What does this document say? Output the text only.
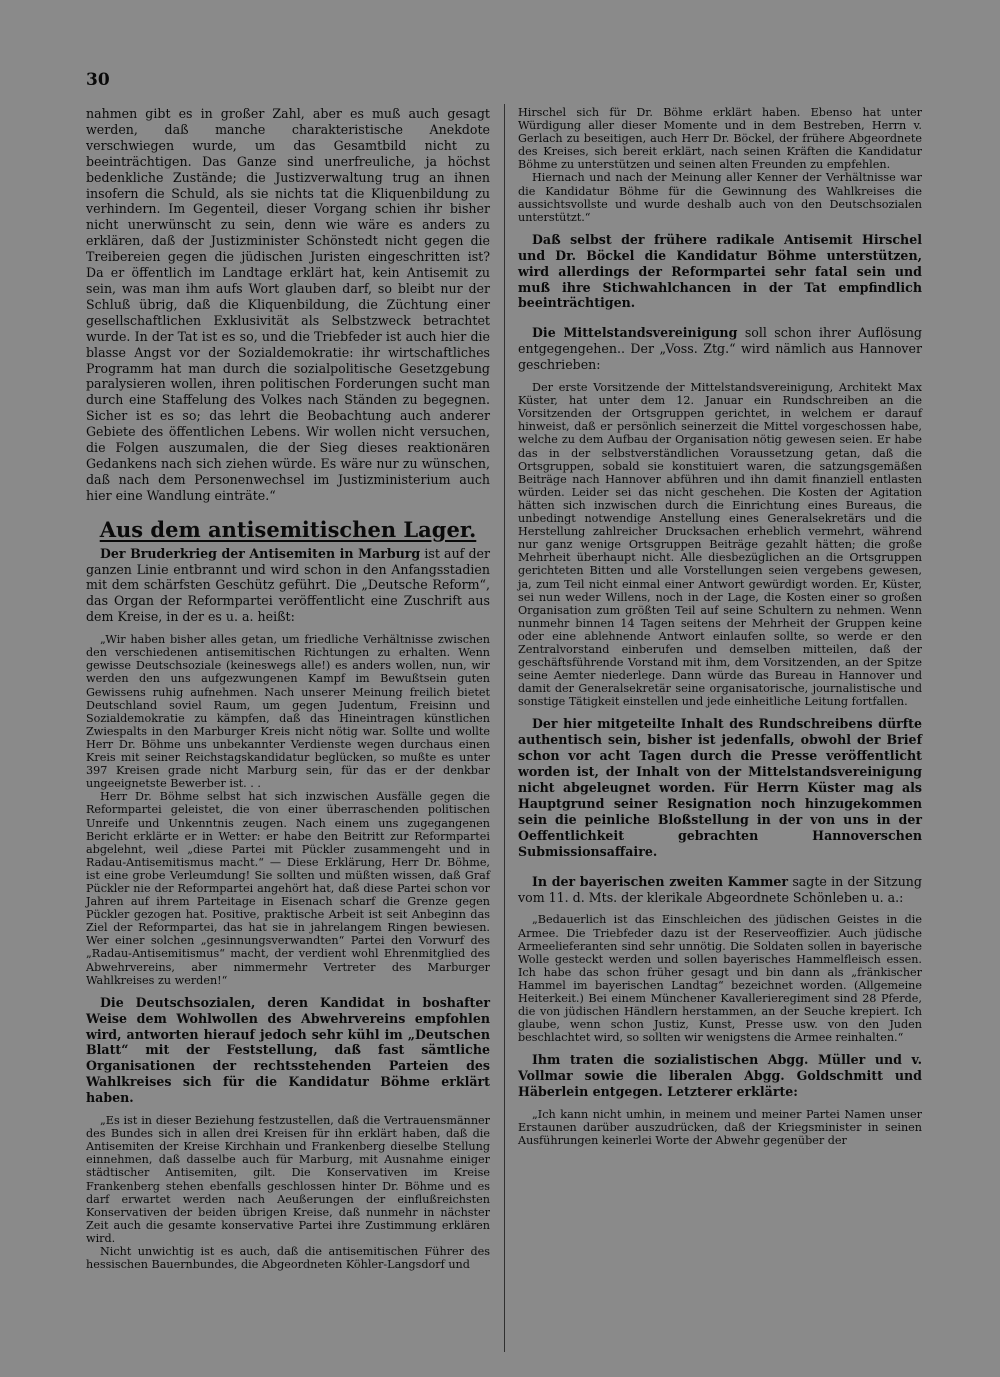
30

nahmen gibt es in großer Zahl, aber es muß auch gesagt werden, daß manche charakteristische Anekdote verschwiegen wurde, um das Gesamtbild nicht zu beeinträchtigen. Das Ganze sind unerfreuliche, ja höchst bedenkliche Zustände; die Justizverwaltung trug an ihnen insofern die Schuld, als sie nichts tat die Kliquenbildung zu verhindern. Im Gegenteil, dieser Vorgang schien ihr bisher nicht unerwünscht zu sein, denn wie wäre es anders zu erklären, daß der Justizminister Schönstedt nicht gegen die Treibereien gegen die jüdischen Juristen eingeschritten ist? Da er öffentlich im Landtage erklärt hat, kein Antisemit zu sein, was man ihm aufs Wort glauben darf, so bleibt nur der Schluß übrig, daß die Kliquenbildung, die Züchtung einer gesellschaftlichen Exklusivität als Selbstzweck betrachtet wurde. In der Tat ist es so, und die Triebfeder ist auch hier die blasse Angst vor der Sozialdemokratie: ihr wirtschaftliches Programm hat man durch die sozialpolitische Gesetzgebung paralysieren wollen, ihren politischen Forderungen sucht man durch eine Staffelung des Volkes nach Ständen zu begegnen. Sicher ist es so; das lehrt die Beobachtung auch anderer Gebiete des öffentlichen Lebens. Wir wollen nicht versuchen, die Folgen auszumalen, die der Sieg dieses reaktionären Gedankens nach sich ziehen würde. Es wäre nur zu wünschen, daß nach dem Personenwechsel im Justizministerium auch hier eine Wandlung einträte.“

Aus dem antisemitischen Lager.

Der Bruderkrieg der Antisemiten in Marburg ist auf der ganzen Linie entbrannt und wird schon in den Anfangsstadien mit dem schärfsten Geschütz geführt. Die „Deutsche Reform“, das Organ der Reformpartei veröffentlicht eine Zuschrift aus dem Kreise, in der es u. a. heißt:

„Wir haben bisher alles getan, um friedliche Verhältnisse zwischen den verschiedenen antisemitischen Richtungen zu erhalten. Wenn gewisse Deutschsoziale (keineswegs alle!) es anders wollen, nun, wir werden den uns aufgezwungenen Kampf im Bewußtsein guten Gewissens ruhig aufnehmen. Nach unserer Meinung freilich bietet Deutschland soviel Raum, um gegen Judentum, Freisinn und Sozialdemokratie zu kämpfen, daß das Hineintragen künstlichen Zwiespalts in den Marburger Kreis nicht nötig war. Sollte und wollte Herr Dr. Böhme uns unbekannter Verdienste wegen durchaus einen Kreis mit seiner Reichstagskandidatur beglücken, so mußte es unter 397 Kreisen grade nicht Marburg sein, für das er der denkbar ungeeignetste Bewerber ist. . .

Herr Dr. Böhme selbst hat sich inzwischen Ausfälle gegen die Reformpartei geleistet, die von einer überraschenden politischen Unreife und Unkenntnis zeugen. Nach einem uns zugegangenen Bericht erklärte er in Wetter: er habe den Beitritt zur Reformpartei abgelehnt, weil „diese Partei mit Pückler zusammengeht und in Radau-Antisemitismus macht.“ — Diese Erklärung, Herr Dr. Böhme, ist eine grobe Verleumdung! Sie sollten und müßten wissen, daß Graf Pückler nie der Reformpartei angehört hat, daß diese Partei schon vor Jahren auf ihrem Parteitage in Eisenach scharf die Grenze gegen Pückler gezogen hat. Positive, praktische Arbeit ist seit Anbeginn das Ziel der Reformpartei, das hat sie in jahrelangem Ringen bewiesen. Wer einer solchen „gesinnungsverwandten“ Partei den Vorwurf des „Radau-Antisemitismus“ macht, der verdient wohl Ehrenmitglied des Abwehrvereins, aber nimmermehr Vertreter des Marburger Wahlkreises zu werden!“

Die Deutschsozialen, deren Kandidat in boshafter Weise dem Wohlwollen des Abwehrvereins empfohlen wird, antworten hierauf jedoch sehr kühl im „Deutschen Blatt“ mit der Feststellung, daß fast sämtliche Organisationen der rechtsstehenden Parteien des Wahlkreises sich für die Kandidatur Böhme erklärt haben.

„Es ist in dieser Beziehung festzustellen, daß die Vertrauensmänner des Bundes sich in allen drei Kreisen für ihn erklärt haben, daß die Antisemiten der Kreise Kirchhain und Frankenberg dieselbe Stellung einnehmen, daß dasselbe auch für Marburg, mit Ausnahme einiger städtischer Antisemiten, gilt. Die Konservativen im Kreise Frankenberg stehen ebenfalls geschlossen hinter Dr. Böhme und es darf erwartet werden nach Aeußerungen der einflußreichsten Konservativen der beiden übrigen Kreise, daß nunmehr in nächster Zeit auch die gesamte konservative Partei ihre Zustimmung erklären wird.

Nicht unwichtig ist es auch, daß die antisemitischen Führer des hessischen Bauernbundes, die Abgeordneten Köhler-Langsdorf und

Hirschel sich für Dr. Böhme erklärt haben. Ebenso hat unter Würdigung aller dieser Momente und in dem Bestreben, Herrn v. Gerlach zu beseitigen, auch Herr Dr. Böckel, der frühere Abgeordnete des Kreises, sich bereit erklärt, nach seinen Kräften die Kandidatur Böhme zu unterstützen und seinen alten Freunden zu empfehlen.

Hiernach und nach der Meinung aller Kenner der Verhältnisse war die Kandidatur Böhme für die Gewinnung des Wahlkreises die aussichtsvollste und wurde deshalb auch von den Deutschsozialen unterstützt.“

Daß selbst der frühere radikale Antisemit Hirschel und Dr. Böckel die Kandidatur Böhme unterstützen, wird allerdings der Reformpartei sehr fatal sein und muß ihre Stichwahlchancen in der Tat empfindlich beeinträchtigen.

Die Mittelstandsvereinigung soll schon ihrer Auflösung entgegengehen.. Der „Voss. Ztg.“ wird nämlich aus Hannover geschrieben:

Der erste Vorsitzende der Mittelstandsvereinigung, Architekt Max Küster, hat unter dem 12. Januar ein Rundschreiben an die Vorsitzenden der Ortsgruppen gerichtet, in welchem er darauf hinweist, daß er persönlich seinerzeit die Mittel vorgeschossen habe, welche zu dem Aufbau der Organisation nötig gewesen seien. Er habe das in der selbstverständlichen Voraussetzung getan, daß die Ortsgruppen, sobald sie konstituiert waren, die satzungsgemäßen Beiträge nach Hannover abführen und ihn damit finanziell entlasten würden. Leider sei das nicht geschehen. Die Kosten der Agitation hätten sich inzwischen durch die Einrichtung eines Bureaus, die unbedingt notwendige Anstellung eines Generalsekretärs und die Herstellung zahlreicher Drucksachen erheblich vermehrt, während nur ganz wenige Ortsgruppen Beiträge gezahlt hätten; die große Mehrheit überhaupt nicht. Alle diesbezüglichen an die Ortsgruppen gerichteten Bitten und alle Vorstellungen seien vergebens gewesen, ja, zum Teil nicht einmal einer Antwort gewürdigt worden. Er, Küster, sei nun weder Willens, noch in der Lage, die Kosten einer so großen Organisation zum größten Teil auf seine Schultern zu nehmen. Wenn nunmehr binnen 14 Tagen seitens der Mehrheit der Gruppen keine oder eine ablehnende Antwort einlaufen sollte, so werde er den Zentralvorstand einberufen und demselben mitteilen, daß der geschäftsführende Vorstand mit ihm, dem Vorsitzenden, an der Spitze seine Aemter niederlege. Dann würde das Bureau in Hannover und damit der Generalsekretär seine organisatorische, journalistische und sonstige Tätigkeit einstellen und jede einheitliche Leitung fortfallen.

Der hier mitgeteilte Inhalt des Rundschreibens dürfte authentisch sein, bisher ist jedenfalls, obwohl der Brief schon vor acht Tagen durch die Presse veröffentlicht worden ist, der Inhalt von der Mittelstandsvereinigung nicht abgeleugnet worden. Für Herrn Küster mag als Hauptgrund seiner Resignation noch hinzugekommen sein die peinliche Bloßstellung in der von uns in der Oeffentlichkeit gebrachten Hannoverschen Submissionsaffaire.

In der bayerischen zweiten Kammer sagte in der Sitzung vom 11. d. Mts. der klerikale Abgeordnete Schönleben u. a.:

„Bedauerlich ist das Einschleichen des jüdischen Geistes in die Armee. Die Triebfeder dazu ist der Reserveoffizier. Auch jüdische Armeelieferanten sind sehr unnötig. Die Soldaten sollen in bayerische Wolle gesteckt werden und sollen bayerisches Hammelfleisch essen. Ich habe das schon früher gesagt und bin dann als „fränkischer Hammel im bayerischen Landtag“ bezeichnet worden. (Allgemeine Heiterkeit.) Bei einem Münchener Kavallerieregiment sind 28 Pferde, die von jüdischen Händlern herstammen, an der Seuche krepiert. Ich glaube, wenn schon Justiz, Kunst, Presse usw. von den Juden beschlachtet wird, so sollten wir wenigstens die Armee reinhalten.“

Ihm traten die sozialistischen Abgg. Müller und v. Vollmar sowie die liberalen Abgg. Goldschmitt und Häberlein entgegen. Letzterer erklärte:

„Ich kann nicht umhin, in meinem und meiner Partei Namen unser Erstaunen darüber auszudrücken, daß der Kriegsminister in seinen Ausführungen keinerlei Worte der Abwehr gegenüber der
